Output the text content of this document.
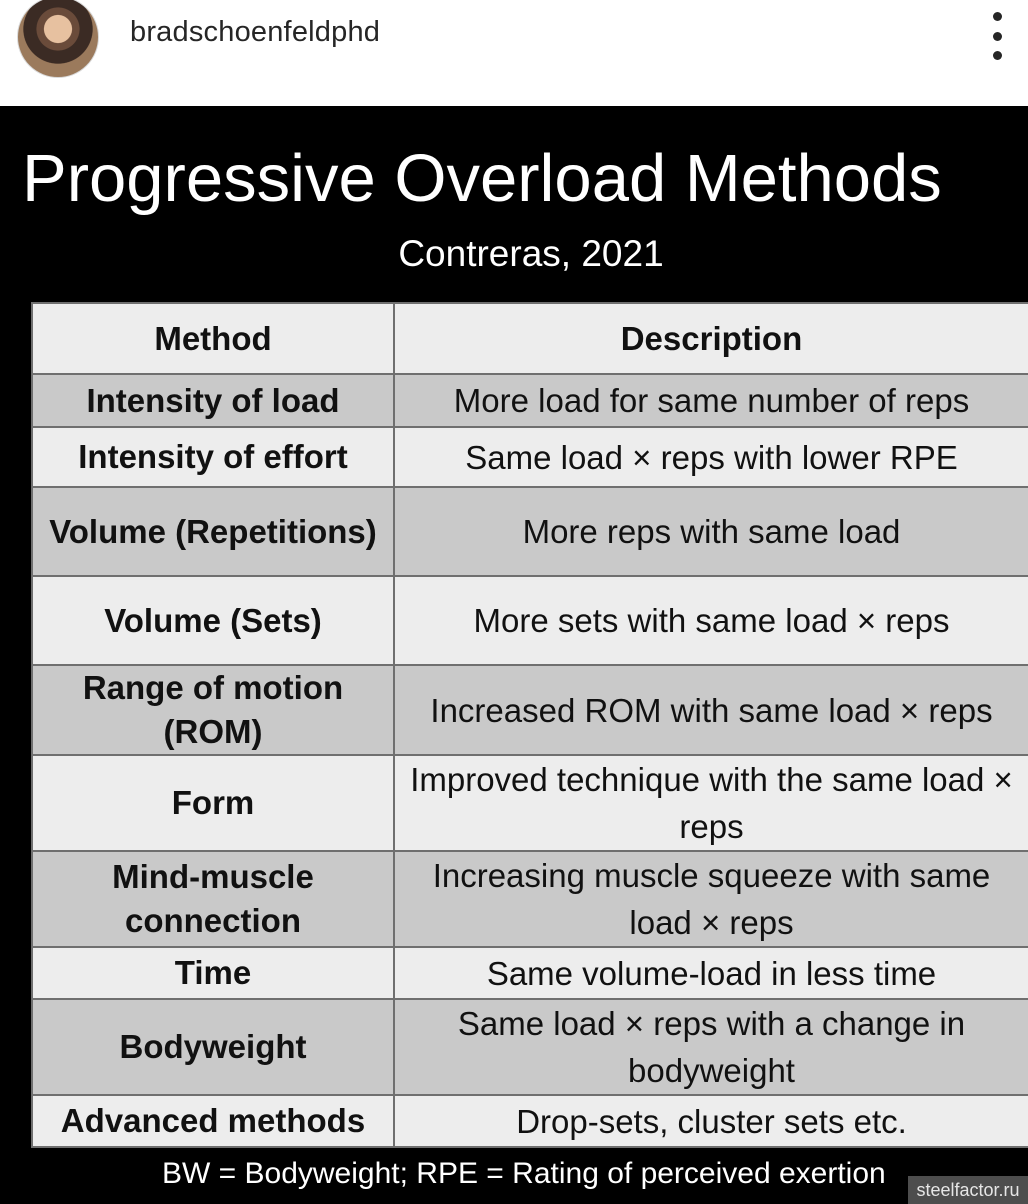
bradschoenfeldphd
Progressive Overload Methods
Contreras, 2021
Method	Description
Intensity of load	More load for same number of reps
Intensity of effort	Same load × reps with lower RPE
Volume (Repetitions)	More reps with same load
Volume (Sets)	More sets with same load × reps
Range of motion (ROM)	Increased ROM with same load × reps
Form	Improved technique with the same load × reps
Mind-muscle connection	Increasing muscle squeeze with same load × reps
Time	Same volume-load in less time
Bodyweight	Same load × reps with a change in bodyweight
Advanced methods	Drop-sets, cluster sets etc.
BW = Bodyweight; RPE = Rating of perceived exertion	steelfactor.ru
